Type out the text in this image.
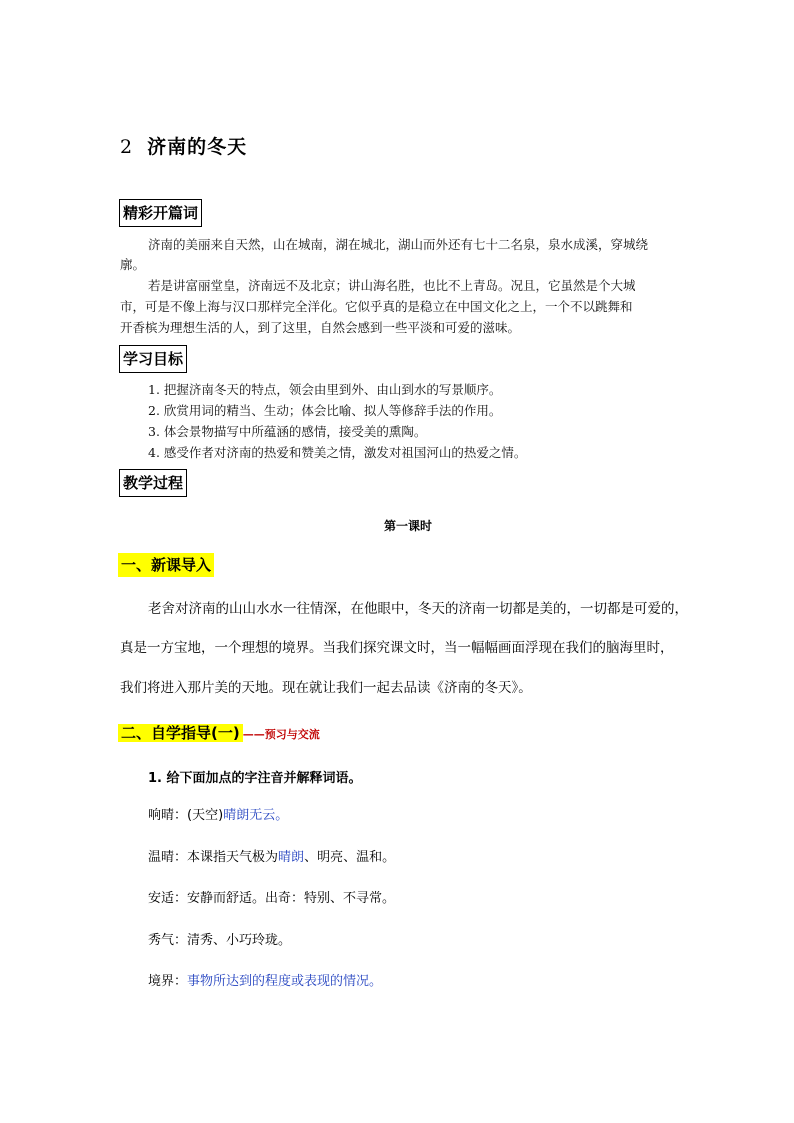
2 济南的冬天
精彩开篇词
济南的美丽来自天然，山在城南，湖在城北，湖山而外还有七十二名泉，泉水成溪，穿城绕
廓。
若是讲富丽堂皇，济南远不及北京；讲山海名胜，也比不上青岛。况且，它虽然是个大城
市，可是不像上海与汉口那样完全洋化。它似乎真的是稳立在中国文化之上，一个不以跳舞和
开香槟为理想生活的人，到了这里，自然会感到一些平淡和可爱的滋味。
学习目标
1. 把握济南冬天的特点，领会由里到外、由山到水的写景顺序。
2. 欣赏用词的精当、生动；体会比喻、拟人等修辞手法的作用。
3. 体会景物描写中所蕴涵的感情，接受美的熏陶。
4. 感受作者对济南的热爱和赞美之情，激发对祖国河山的热爱之情。
教学过程
第一课时
一、新课导入
老舍对济南的山山水水一往情深，在他眼中，冬天的济南一切都是美的，一切都是可爱的，
真是一方宝地，一个理想的境界。当我们探究课文时，当一幅幅画面浮现在我们的脑海里时，
我们将进入那片美的天地。现在就让我们一起去品读《济南的冬天》。
二、自学指导(一) ——预习与交流
1. 给下面加点的字注音并解释词语。
响晴：(天空)晴朗无云。
温晴：本课指天气极为晴朗、明亮、温和。
安适：安静而舒适。出奇：特别、不寻常。
秀气：清秀、小巧玲珑。
境界：事物所达到的程度或表现的情况。
